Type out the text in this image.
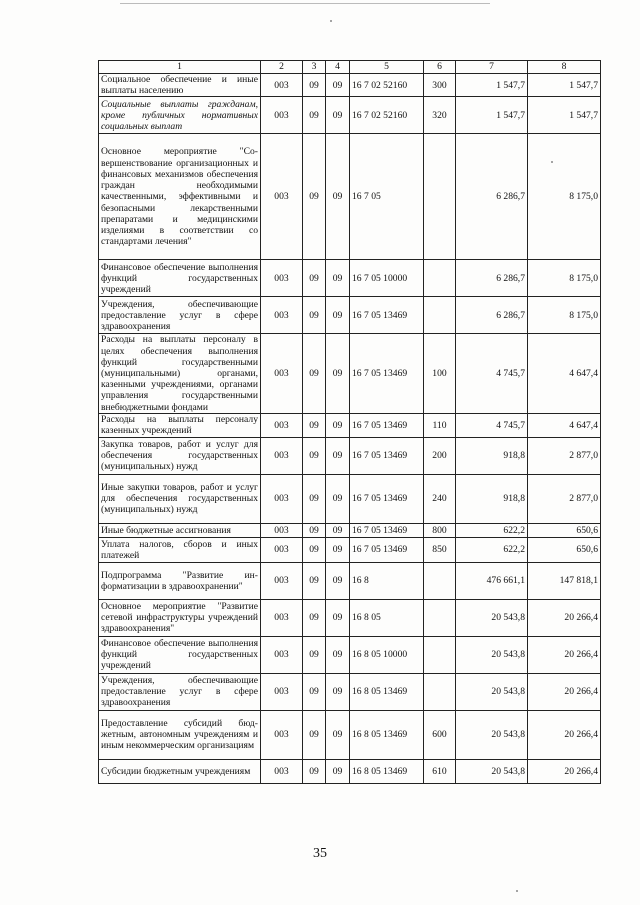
1	2	3	4	5	6	7	8
Социальное обеспечение и иные выплаты населению	003	09	09	16 7 02 52160	300	1 547,7	1 547,7
Социальные выплаты гражданам, кроме публичных нормативных социальных выплат	003	09	09	16 7 02 52160	320	1 547,7	1 547,7
Основное мероприятие "Совершенствование организационных и финансовых механизмов обеспечения граждан необходимыми качественными, эффективными и безопасными лекарственными препаратами и медицинскими изделиями в соответствии со стандартами лечения"	003	09	09	16 7 05		6 286,7	8 175,0
Финансовое обеспечение выполнения функций государственных учреждений	003	09	09	16 7 05 10000		6 286,7	8 175,0
Учреждения, обеспечивающие предоставление услуг в сфере здравоохранения	003	09	09	16 7 05 13469		6 286,7	8 175,0
Расходы на выплаты персоналу в целях обеспечения выполнения функций государственными (муниципальными) органами, казенными учреждениями, органами управления государственными внебюджетными фондами	003	09	09	16 7 05 13469	100	4 745,7	4 647,4
Расходы на выплаты персоналу казенных учреждений	003	09	09	16 7 05 13469	110	4 745,7	4 647,4
Закупка товаров, работ и услуг для обеспечения государственных (муниципальных) нужд	003	09	09	16 7 05 13469	200	918,8	2 877,0
Иные закупки товаров, работ и услуг для обеспечения государственных (муниципальных) нужд	003	09	09	16 7 05 13469	240	918,8	2 877,0
Иные бюджетные ассигнования	003	09	09	16 7 05 13469	800	622,2	650,6
Уплата налогов, сборов и иных платежей	003	09	09	16 7 05 13469	850	622,2	650,6
Подпрограмма "Развитие информатизации в здравоохранении"	003	09	09	16 8		476 661,1	147 818,1
Основное мероприятие "Развитие сетевой инфраструктуры учреждений здравоохранения"	003	09	09	16 8 05		20 543,8	20 266,4
Финансовое обеспечение выполнения функций государственных учреждений	003	09	09	16 8 05 10000		20 543,8	20 266,4
Учреждения, обеспечивающие предоставление услуг в сфере здравоохранения	003	09	09	16 8 05 13469		20 543,8	20 266,4
Предоставление субсидий бюджетным, автономным учреждениям и иным некоммерческим организациям	003	09	09	16 8 05 13469	600	20 543,8	20 266,4
Субсидии бюджетным учреждениям	003	09	09	16 8 05 13469	610	20 543,8	20 266,4
35
